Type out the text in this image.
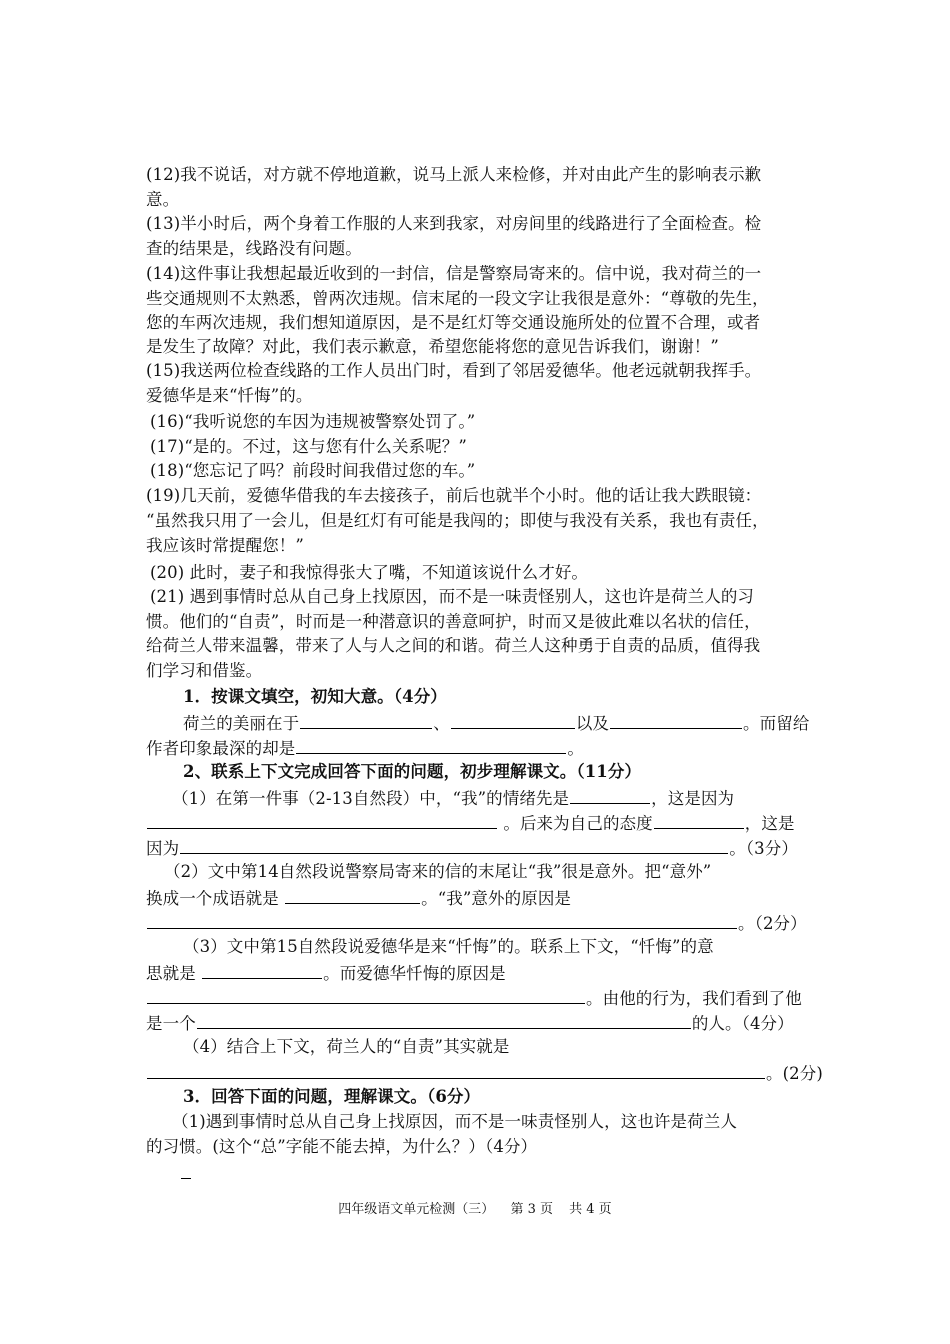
(12)我不说话，对方就不停地道歉，说马上派人来检修，并对由此产生的影响表示歉
意。
(13)半小时后，两个身着工作服的人来到我家，对房间里的线路进行了全面检查。检
查的结果是，线路没有问题。
(14)这件事让我想起最近收到的一封信，信是警察局寄来的。信中说，我对荷兰的一
些交通规则不太熟悉，曾两次违规。信末尾的一段文字让我很是意外：“尊敬的先生，
您的车两次违规，我们想知道原因，是不是红灯等交通设施所处的位置不合理，或者
是发生了故障？对此，我们表示歉意，希望您能将您的意见告诉我们，谢谢！”
(15)我送两位检查线路的工作人员出门时，看到了邻居爱德华。他老远就朝我挥手。
爱德华是来“忏悔”的。
(16)“我听说您的车因为违规被警察处罚了。”
(17)“是的。不过，这与您有什么关系呢？”
(18)“您忘记了吗？前段时间我借过您的车。”
(19)几天前，爱德华借我的车去接孩子，前后也就半个小时。他的话让我大跌眼镜：
“虽然我只用了一会儿，但是红灯有可能是我闯的；即使与我没有关系，我也有责任，
我应该时常提醒您！”
(20) 此时，妻子和我惊得张大了嘴，不知道该说什么才好。
(21) 遇到事情时总从自己身上找原因，而不是一味责怪别人，这也许是荷兰人的习
惯。他们的“自责”，时而是一种潜意识的善意呵护，时而又是彼此难以名状的信任，
给荷兰人带来温馨，带来了人与人之间的和谐。荷兰人这种勇于自责的品质，值得我
们学习和借鉴。
1．按课文填空，初知大意。（4分）
荷兰的美丽在于	、	以及	。而留给
作者印象最深的却是	。
2、联系上下文完成回答下面的问题，初步理解课文。（11分）
（1）在第一件事（2-13自然段）中，“我”的情绪先是	，这是因为
。后来为自己的态度	，这是
因为	。（3分）
（2）文中第14自然段说警察局寄来的信的末尾让“我”很是意外。把“意外”
换成一个成语就是	。“我”意外的原因是
。（2分）
（3）文中第15自然段说爱德华是来“忏悔”的。联系上下文，“忏悔”的意
思就是	。而爱德华忏悔的原因是
。由他的行为，我们看到了他
是一个	的人。（4分）
（4）结合上下文，荷兰人的“自责”其实就是
。(2分)
3．回答下面的问题，理解课文。（6分）
（1)遇到事情时总从自己身上找原因，而不是一味责怪别人，这也许是荷兰人
的习惯。(这个“总”字能不能去掉，为什么？）（4分）
四年级语文单元检测（三） 第 3 页 共 4 页
